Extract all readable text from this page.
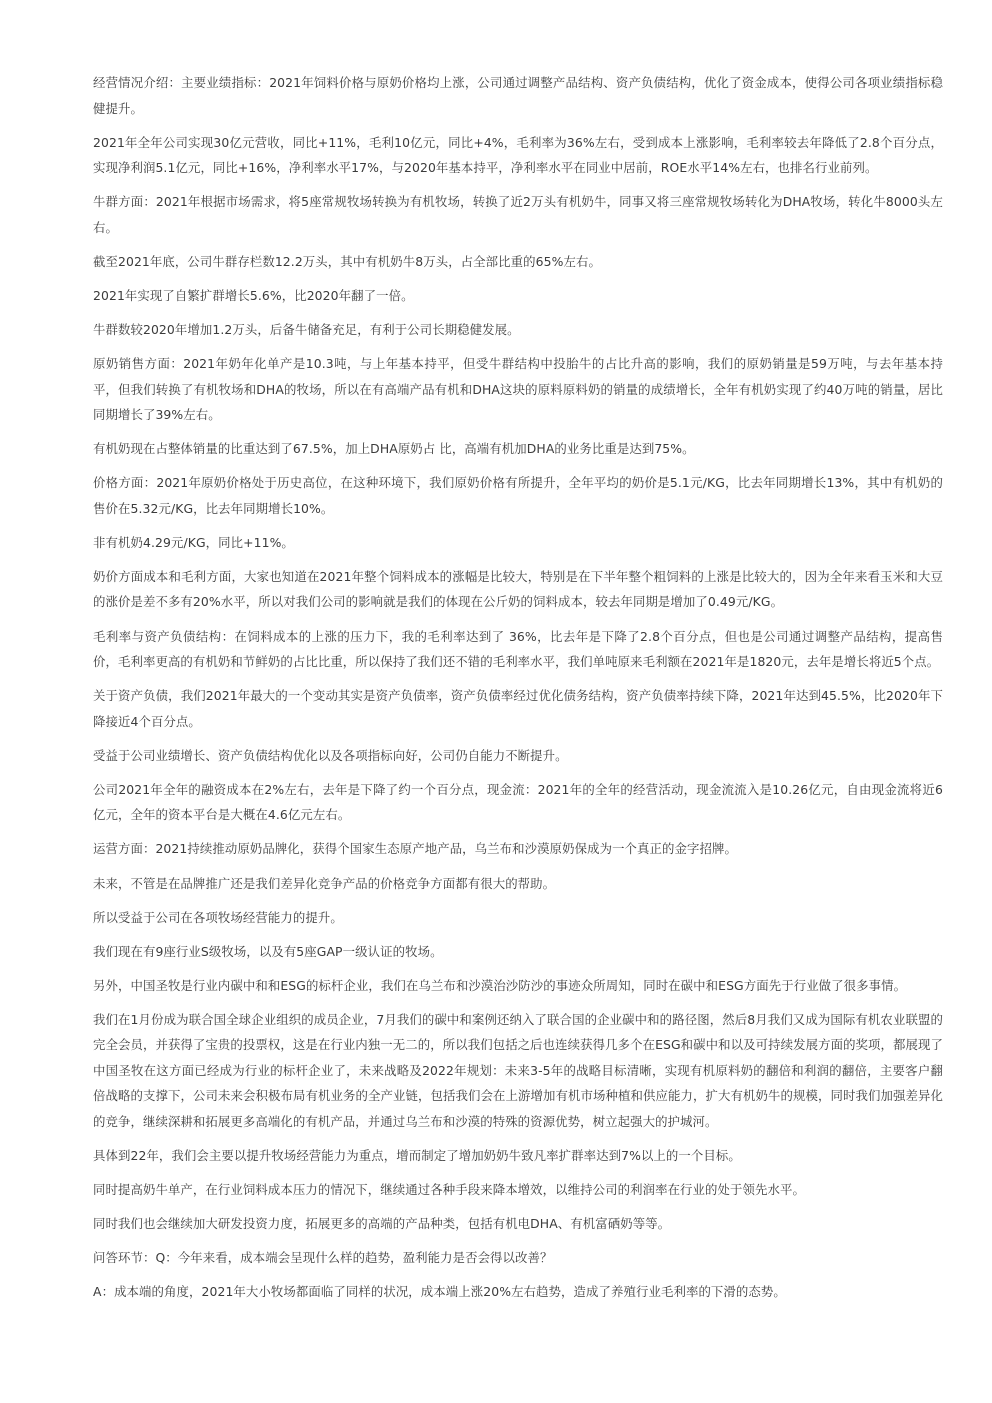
经营情况介绍：主要业绩指标：2021年饲料价格与原奶价格均上涨，公司通过调整产品结构、资产负债结构，优化了资金成本，使得公司各项业绩指标稳健提升。

2021年全年公司实现30亿元营收，同比+11%，毛利10亿元，同比+4%，毛利率为36%左右，受到成本上涨影响，毛利率较去年降低了2.8个百分点，实现净利润5.1亿元，同比+16%，净利率水平17%，与2020年基本持平，净利率水平在同业中居前，ROE水平14%左右，也排名行业前列。

牛群方面：2021年根据市场需求，将5座常规牧场转换为有机牧场，转换了近2万头有机奶牛，同事又将三座常规牧场转化为DHA牧场，转化牛8000头左右。

截至2021年底，公司牛群存栏数12.2万头，其中有机奶牛8万头，占全部比重的65%左右。

2021年实现了自繁扩群增长5.6%，比2020年翻了一倍。

牛群数较2020年增加1.2万头，后备牛储备充足，有利于公司长期稳健发展。

原奶销售方面：2021年奶年化单产是10.3吨，与上年基本持平，但受牛群结构中投胎牛的占比升高的影响，我们的原奶销量是59万吨，与去年基本持平，但我们转换了有机牧场和DHA的牧场，所以在有高端产品有机和DHA这块的原料原料奶的销量的成绩增长，全年有机奶实现了约40万吨的销量，居比同期增长了39%左右。

有机奶现在占整体销量的比重达到了67.5%，加上DHA原奶占 比，高端有机加DHA的业务比重是达到75%。

价格方面：2021年原奶价格处于历史高位，在这种环境下，我们原奶价格有所提升，全年平均的奶价是5.1元/KG，比去年同期增长13%，其中有机奶的售价在5.32元/KG，比去年同期增长10%。

非有机奶4.29元/KG，同比+11%。

奶价方面成本和毛利方面，大家也知道在2021年整个饲料成本的涨幅是比较大，特别是在下半年整个粗饲料的上涨是比较大的，因为全年来看玉米和大豆的涨价是差不多有20%水平，所以对我们公司的影响就是我们的体现在公斤奶的饲料成本，较去年同期是增加了0.49元/KG。

毛利率与资产负债结构：在饲料成本的上涨的压力下，我的毛利率达到了 36%，比去年是下降了2.8个百分点，但也是公司通过调整产品结构，提高售价，毛利率更高的有机奶和节鲜奶的占比比重，所以保持了我们还不错的毛利率水平，我们单吨原来毛利额在2021年是1820元，去年是增长将近5个点。

关于资产负债，我们2021年最大的一个变动其实是资产负债率，资产负债率经过优化债务结构，资产负债率持续下降，2021年达到45.5%，比2020年下降接近4个百分点。

受益于公司业绩增长、资产负债结构优化以及各项指标向好，公司仍自能力不断提升。

公司2021年全年的融资成本在2%左右，去年是下降了约一个百分点，现金流：2021年的全年的经营活动，现金流流入是10.26亿元，自由现金流将近6亿元，全年的资本平台是大概在4.6亿元左右。

运营方面：2021持续推动原奶品牌化，获得个国家生态原产地产品，乌兰布和沙漠原奶保成为一个真正的金字招牌。

未来，不管是在品牌推广还是我们差异化竞争产品的价格竞争方面都有很大的帮助。

所以受益于公司在各项牧场经营能力的提升。

我们现在有9座行业S级牧场，以及有5座GAP一级认证的牧场。

另外，中国圣牧是行业内碳中和和ESG的标杆企业，我们在乌兰布和沙漠治沙防沙的事迹众所周知，同时在碳中和ESG方面先于行业做了很多事情。

我们在1月份成为联合国全球企业组织的成员企业，7月我们的碳中和案例还纳入了联合国的企业碳中和的路径图，然后8月我们又成为国际有机农业联盟的完全会员，并获得了宝贵的投票权，这是在行业内独一无二的，所以我们包括之后也连续获得几多个在ESG和碳中和以及可持续发展方面的奖项，都展现了中国圣牧在这方面已经成为行业的标杆企业了，未来战略及2022年规划：未来3-5年的战略目标清晰，实现有机原料奶的翻倍和利润的翻倍，主要客户翻倍战略的支撑下，公司未来会积极布局有机业务的全产业链，包括我们会在上游增加有机市场种植和供应能力，扩大有机奶牛的规模，同时我们加强差异化的竞争，继续深耕和拓展更多高端化的有机产品，并通过乌兰布和沙漠的特殊的资源优势，树立起强大的护城河。

具体到22年，我们会主要以提升牧场经营能力为重点，增而制定了增加奶奶牛致凡率扩群率达到7%以上的一个目标。

同时提高奶牛单产，在行业饲料成本压力的情况下，继续通过各种手段来降本增效，以维持公司的利润率在行业的处于领先水平。

同时我们也会继续加大研发投资力度，拓展更多的高端的产品种类，包括有机电DHA、有机富硒奶等等。

问答环节：Q：今年来看，成本端会呈现什么样的趋势，盈利能力是否会得以改善？

A：成本端的角度，2021年大小牧场都面临了同样的状况，成本端上涨20%左右趋势，造成了养殖行业毛利率的下滑的态势。
